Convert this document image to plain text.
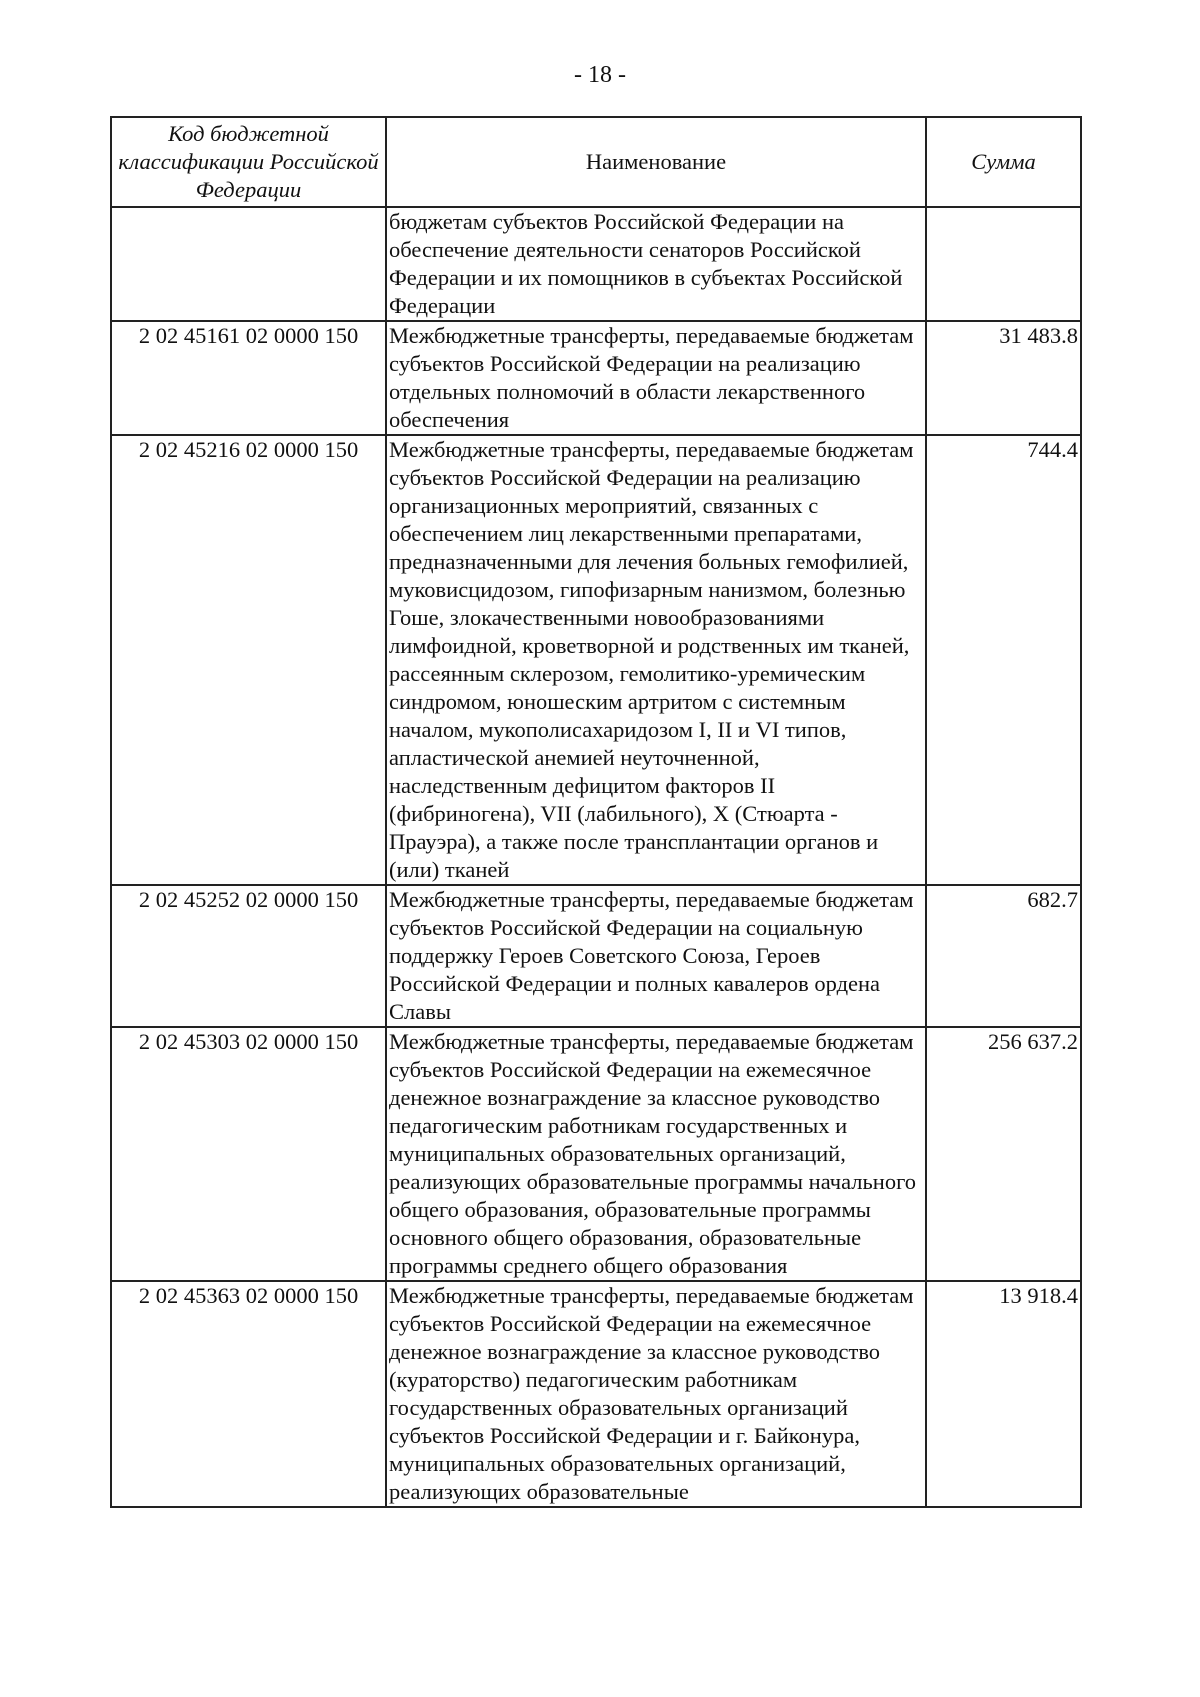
- 18 -
Код бюджетной классификации Российской Федерации	Наименование	Сумма
	бюджетам субъектов Российской Федерации на обеспечение деятельности сенаторов Российской Федерации и их помощников в субъектах Российской Федерации	
2 02 45161 02 0000 150	Межбюджетные трансферты, передаваемые бюджетам субъектов Российской Федерации на реализацию отдельных полномочий в области лекарственного обеспечения	31 483.8
2 02 45216 02 0000 150	Межбюджетные трансферты, передаваемые бюджетам субъектов Российской Федерации на реализацию организационных мероприятий, связанных с обеспечением лиц лекарственными препаратами, предназначенными для лечения больных гемофилией, муковисцидозом, гипофизарным нанизмом, болезнью Гоше, злокачественными новообразованиями лимфоидной, кроветворной и родственных им тканей, рассеянным склерозом, гемолитико-уремическим синдромом, юношеским артритом с системным началом, мукополисахаридозом I, II и VI типов, апластической анемией неуточненной, наследственным дефицитом факторов II (фибриногена), VII (лабильного), X (Стюарта - Прауэра), а также после трансплантации органов и (или) тканей	744.4
2 02 45252 02 0000 150	Межбюджетные трансферты, передаваемые бюджетам субъектов Российской Федерации на социальную поддержку Героев Советского Союза, Героев Российской Федерации и полных кавалеров ордена Славы	682.7
2 02 45303 02 0000 150	Межбюджетные трансферты, передаваемые бюджетам субъектов Российской Федерации на ежемесячное денежное вознаграждение за классное руководство педагогическим работникам государственных и муниципальных образовательных организаций, реализующих образовательные программы начального общего образования, образовательные программы основного общего образования, образовательные программы среднего общего образования	256 637.2
2 02 45363 02 0000 150	Межбюджетные трансферты, передаваемые бюджетам субъектов Российской Федерации на ежемесячное денежное вознаграждение за классное руководство (кураторство) педагогическим работникам государственных образовательных организаций субъектов Российской Федерации и г. Байконура, муниципальных образовательных организаций, реализующих образовательные	13 918.4
